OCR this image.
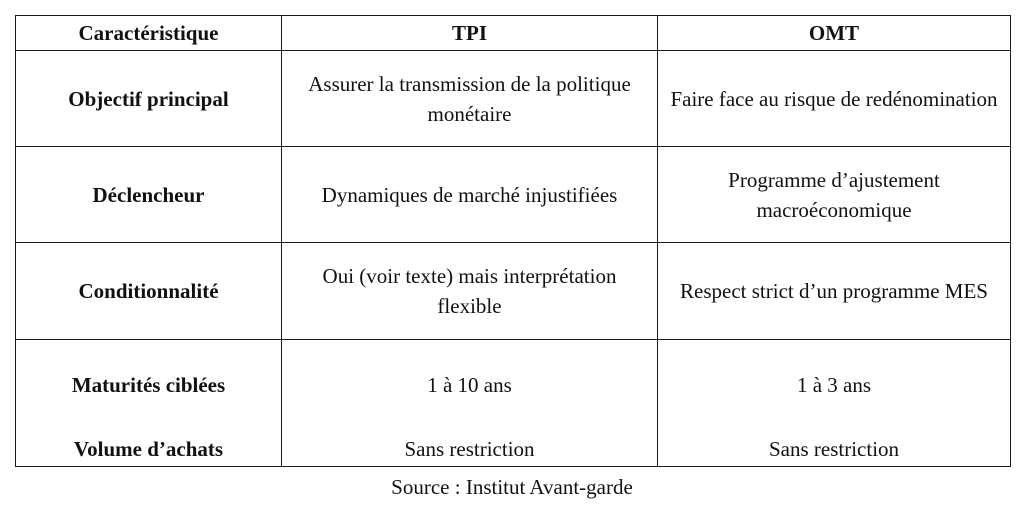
Caractéristique	TPI	OMT
Objectif principal	Assurer la transmission de la politique monétaire	Faire face au risque de redénomination
Déclencheur	Dynamiques de marché injustifiées	Programme d’ajustement macroéconomique
Conditionnalité	Oui (voir texte) mais interprétation flexible	Respect strict d’un programme MES
Maturités ciblées	1 à 10 ans	1 à 3 ans
Volume d’achats	Sans restriction	Sans restriction
Source : Institut Avant-garde
